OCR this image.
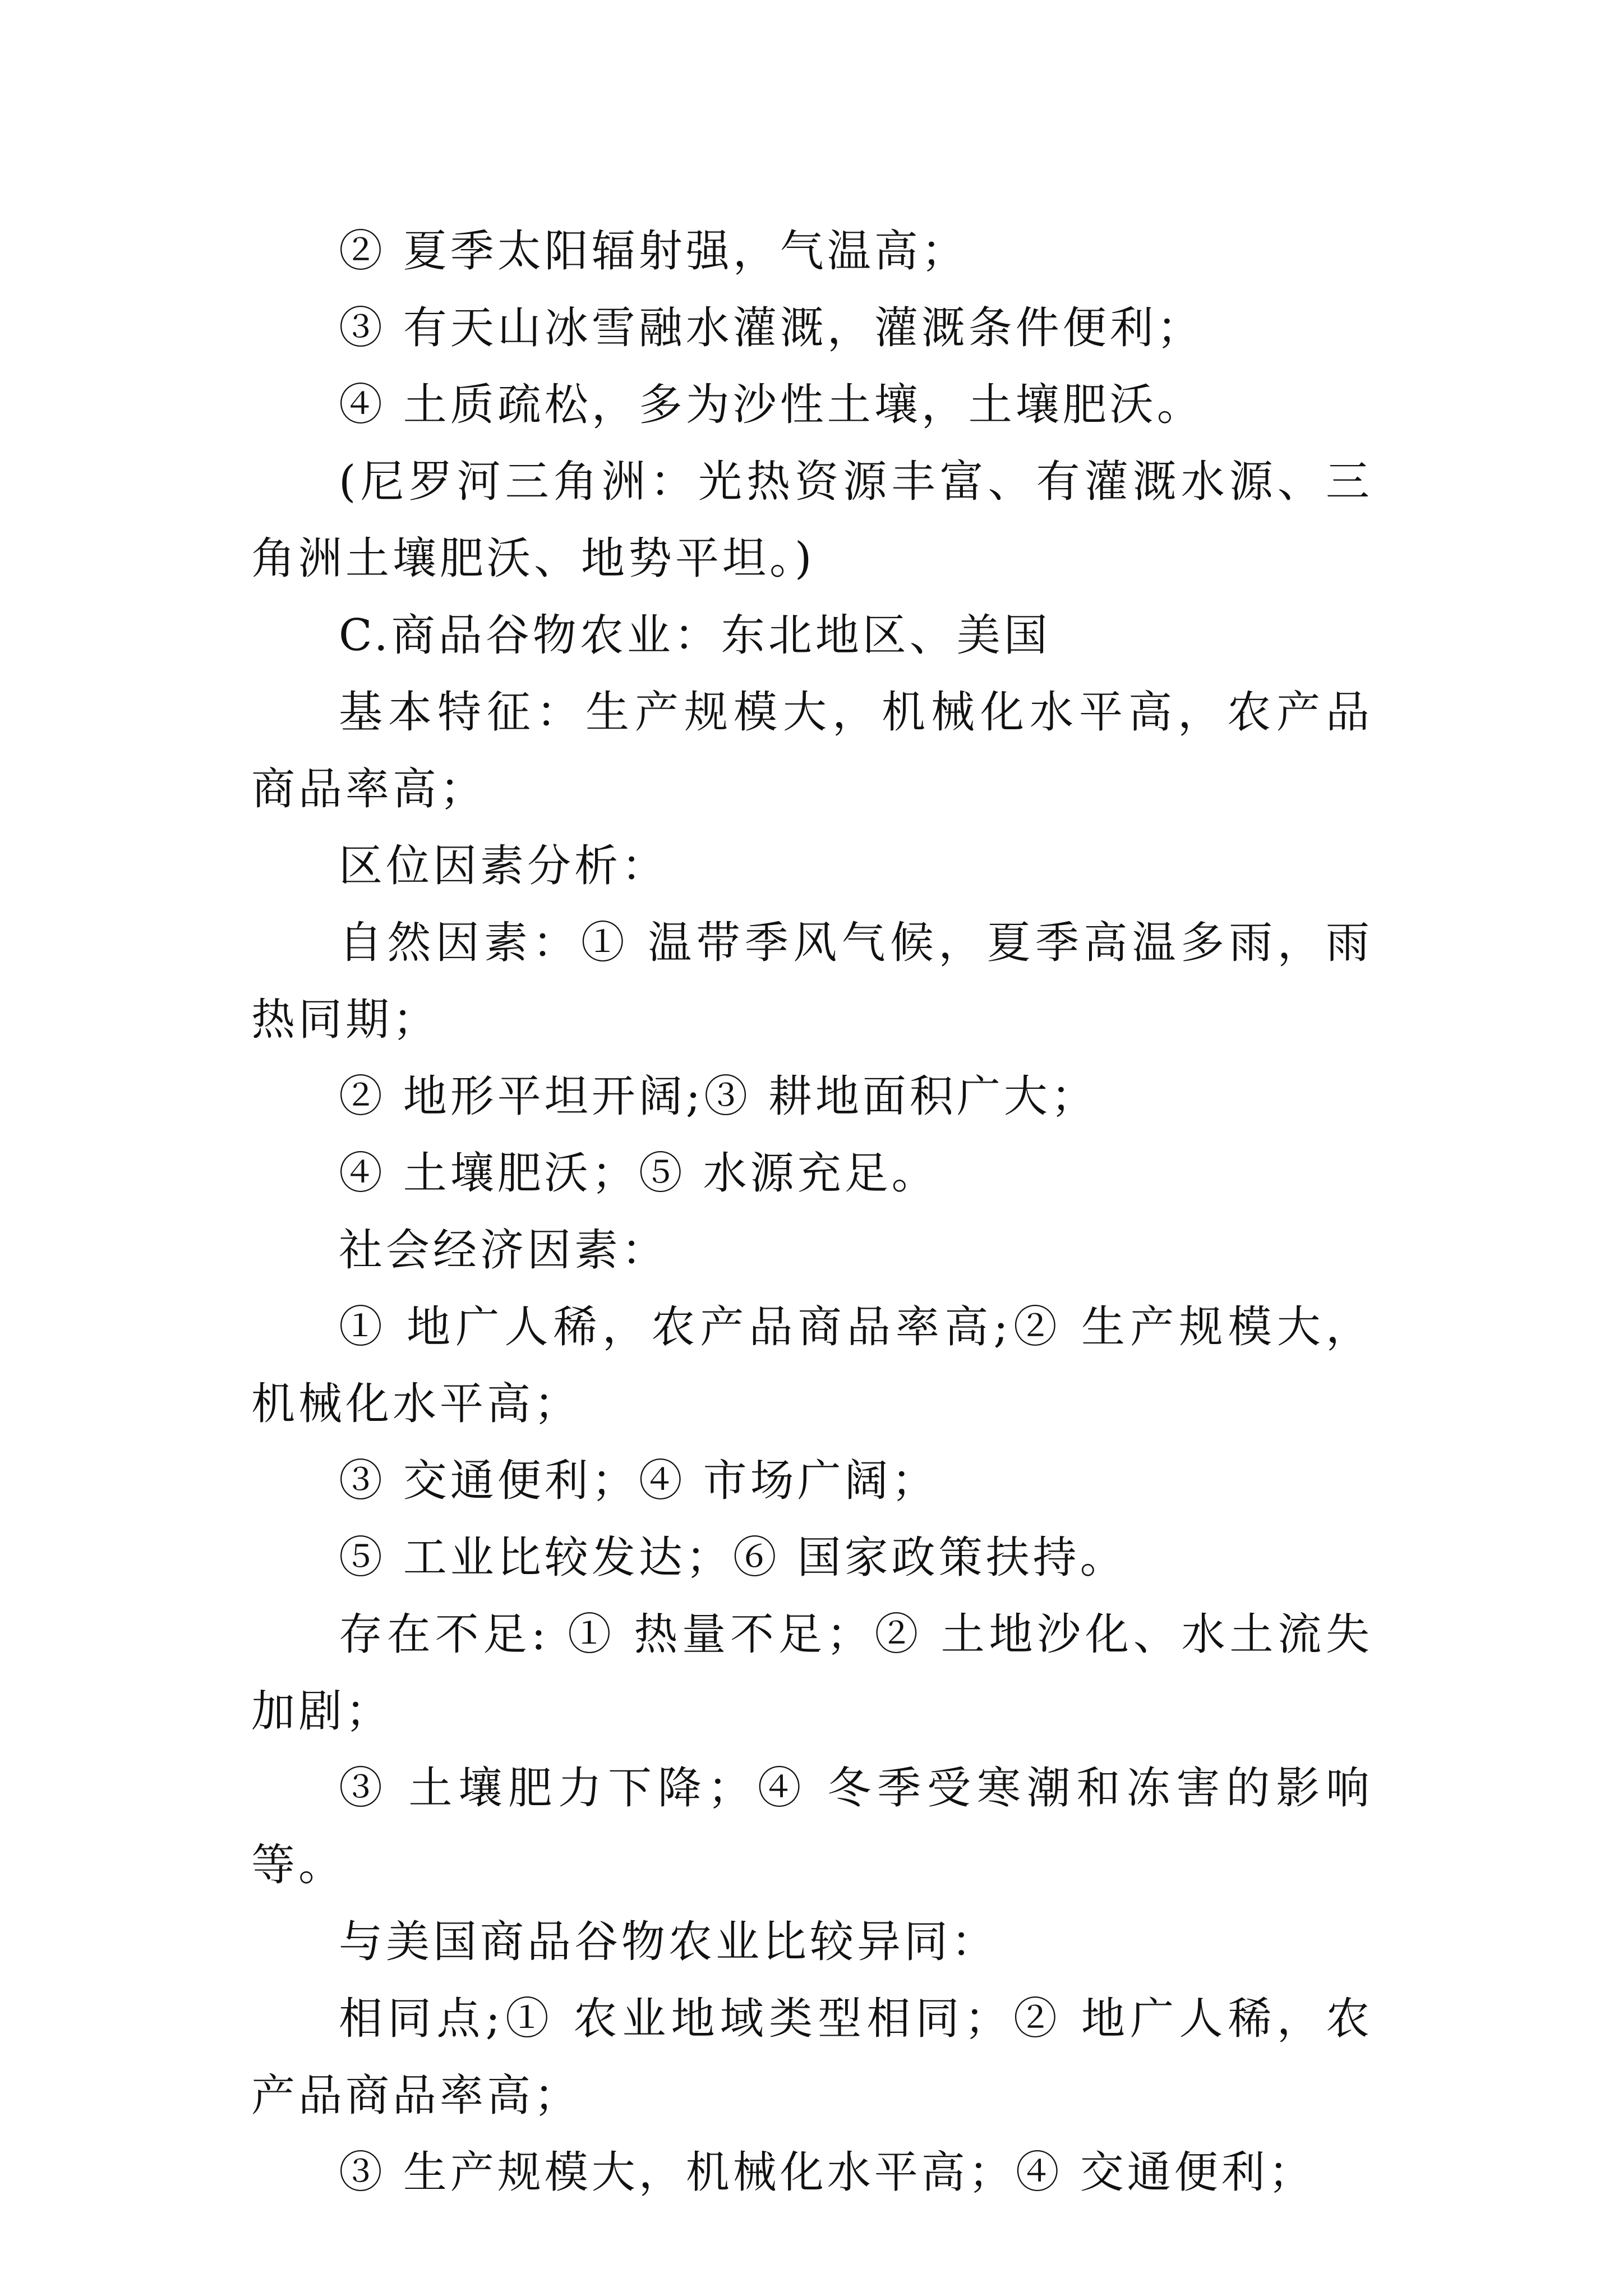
② 夏季太阳辐射强，气温高；

③ 有天山冰雪融水灌溉，灌溉条件便利；

④ 土质疏松，多为沙性土壤，土壤肥沃。

(尼罗河三角洲：光热资源丰富、有灌溉水源、三角洲土壤肥沃、地势平坦。)

C.商品谷物农业：东北地区、美国

基本特征：生产规模大，机械化水平高，农产品商品率高；

区位因素分析：

自然因素：① 温带季风气候，夏季高温多雨，雨热同期；

② 地形平坦开阔;③ 耕地面积广大；

④ 土壤肥沃；⑤ 水源充足。

社会经济因素：

① 地广人稀，农产品商品率高;② 生产规模大，机械化水平高；

③ 交通便利；④ 市场广阔；

⑤ 工业比较发达；⑥ 国家政策扶持。

存在不足: ① 热量不足；② 土地沙化、水土流失加剧；

③ 土壤肥力下降；④ 冬季受寒潮和冻害的影响等。

与美国商品谷物农业比较异同：

相同点;① 农业地域类型相同；② 地广人稀，农产品商品率高；

③ 生产规模大，机械化水平高；④ 交通便利；
